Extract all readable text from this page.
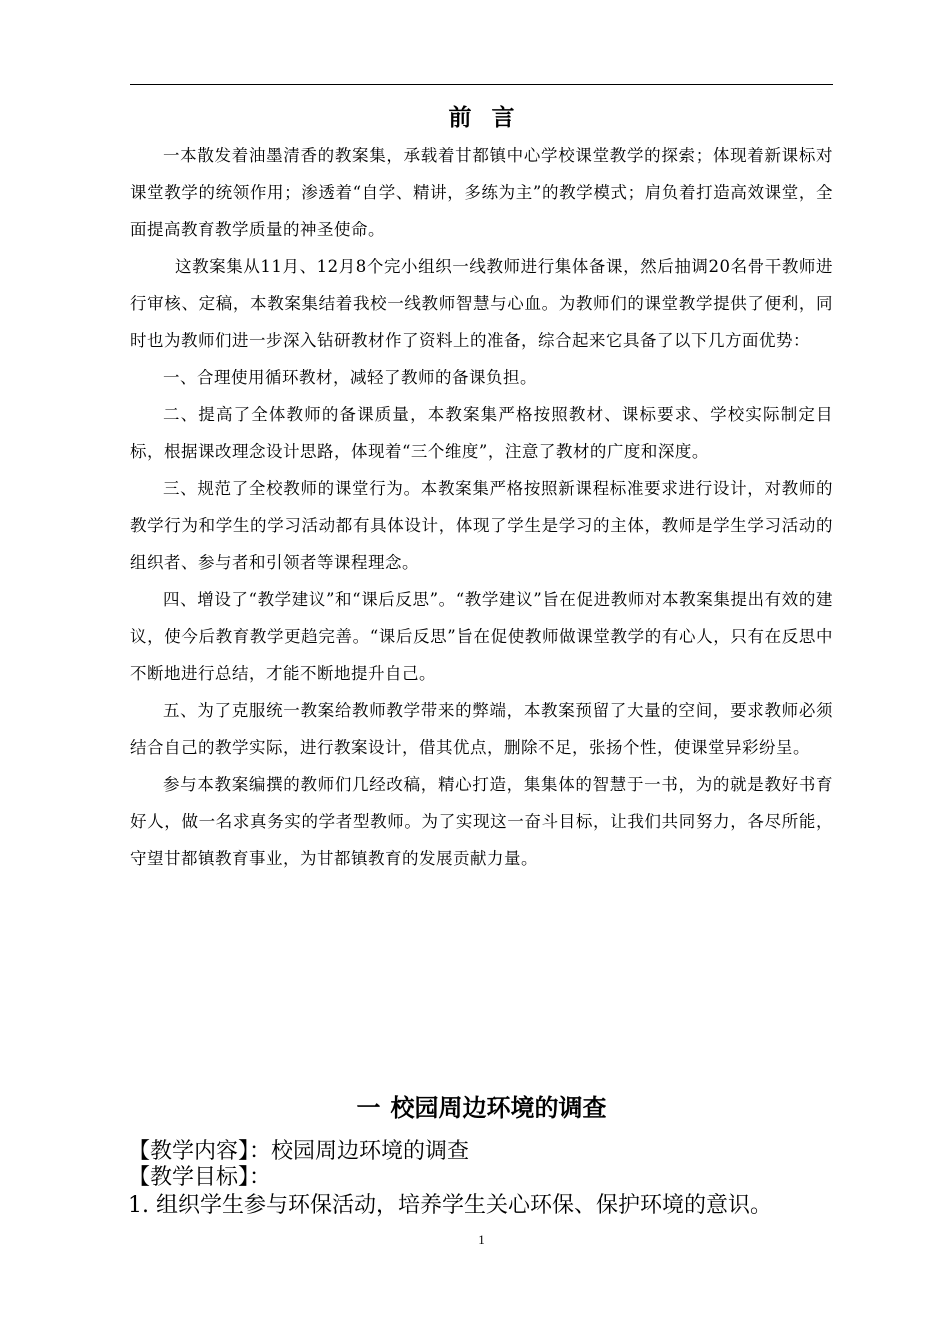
前言

一本散发着油墨清香的教案集，承载着甘都镇中心学校课堂教学的探索；体现着新课标对课堂教学的统领作用；渗透着“自学、精讲，多练为主”的教学模式；肩负着打造高效课堂，全面提高教育教学质量的神圣使命。

这教案集从11月、12月8个完小组织一线教师进行集体备课，然后抽调20名骨干教师进行审核、定稿，本教案集结着我校一线教师智慧与心血。为教师们的课堂教学提供了便利，同时也为教师们进一步深入钻研教材作了资料上的准备，综合起来它具备了以下几方面优势：

一、合理使用循环教材，减轻了教师的备课负担。

二、提高了全体教师的备课质量，本教案集严格按照教材、课标要求、学校实际制定目标，根据课改理念设计思路，体现着“三个维度”，注意了教材的广度和深度。

三、规范了全校教师的课堂行为。本教案集严格按照新课程标准要求进行设计，对教师的教学行为和学生的学习活动都有具体设计，体现了学生是学习的主体，教师是学生学习活动的组织者、参与者和引领者等课程理念。

四、增设了“教学建议”和“课后反思”。“教学建议”旨在促进教师对本教案集提出有效的建议，使今后教育教学更趋完善。“课后反思”旨在促使教师做课堂教学的有心人，只有在反思中不断地进行总结，才能不断地提升自己。

五、为了克服统一教案给教师教学带来的弊端，本教案预留了大量的空间，要求教师必须结合自己的教学实际，进行教案设计，借其优点，删除不足，张扬个性，使课堂异彩纷呈。

参与本教案编撰的教师们几经改稿，精心打造，集集体的智慧于一书，为的就是教好书育好人，做一名求真务实的学者型教师。为了实现这一奋斗目标，让我们共同努力，各尽所能，守望甘都镇教育事业，为甘都镇教育的发展贡献力量。

一 校园周边环境的调查
【教学内容】：校园周边环境的调查
【教学目标】：
1. 组织学生参与环保活动，培养学生关心环保、保护环境的意识。
1
